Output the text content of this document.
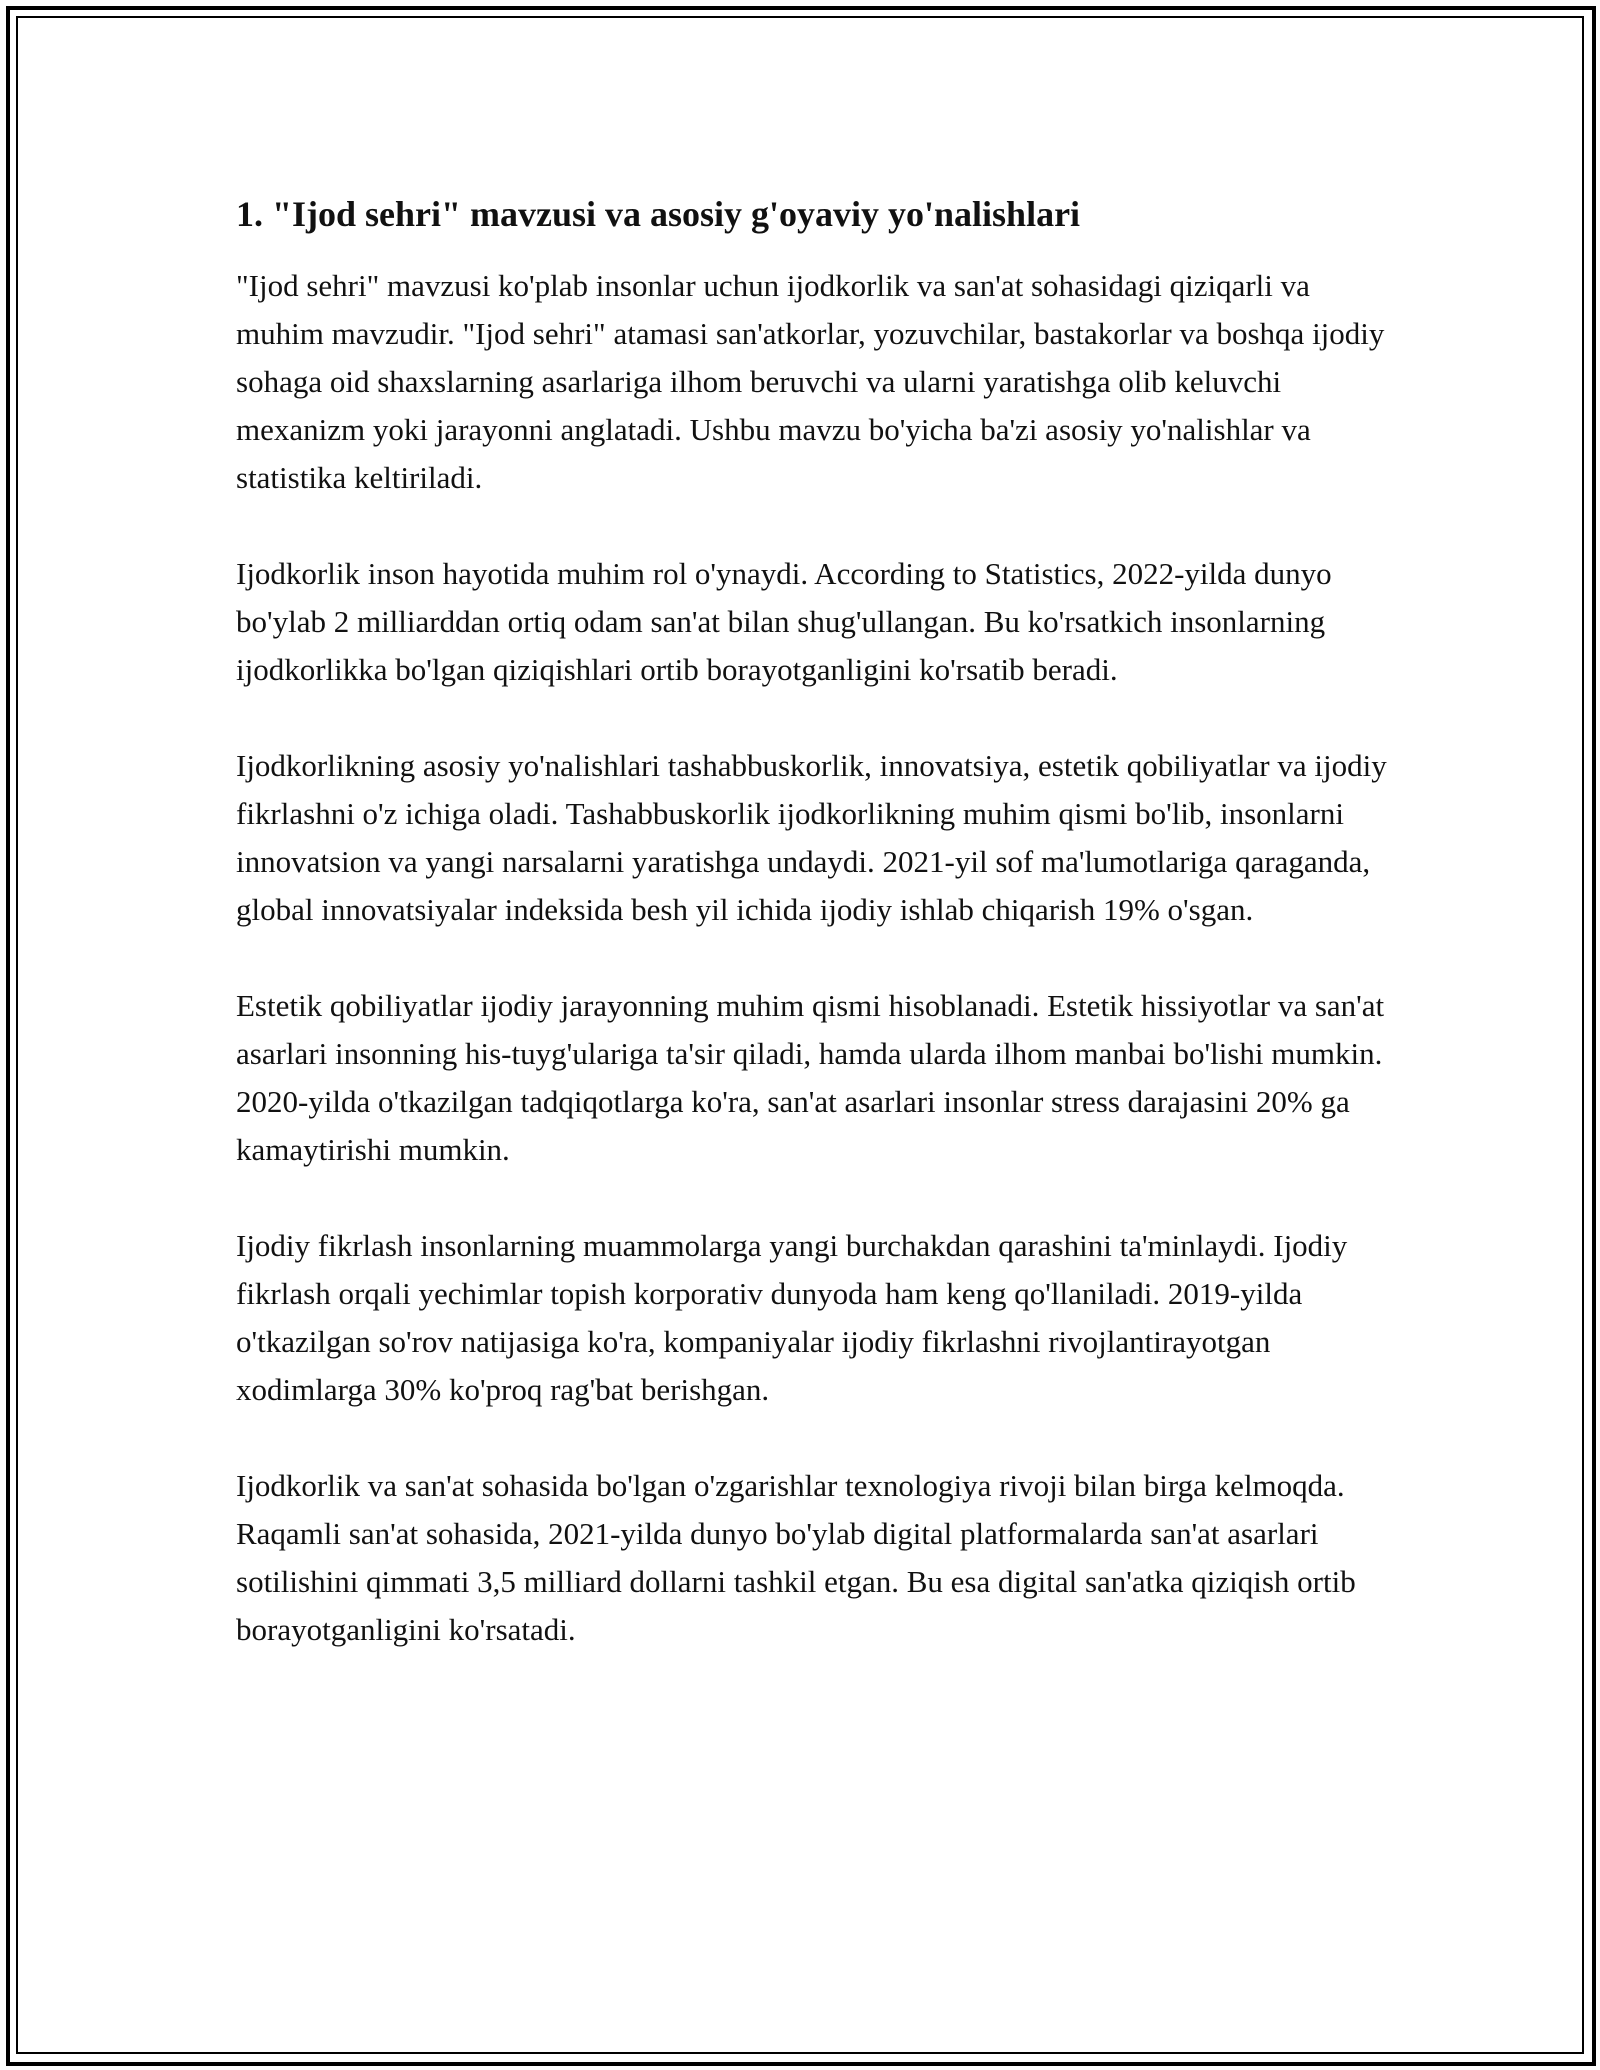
1. "Ijod sehri" mavzusi va asosiy g'oyaviy yo'nalishlari

"Ijod sehri" mavzusi ko'plab insonlar uchun ijodkorlik va san'at sohasidagi qiziqarli va muhim mavzudir. "Ijod sehri" atamasi san'atkorlar, yozuvchilar, bastakorlar va boshqa ijodiy sohaga oid shaxslarning asarlariga ilhom beruvchi va ularni yaratishga olib keluvchi mexanizm yoki jarayonni anglatadi. Ushbu mavzu bo'yicha ba'zi asosiy yo'nalishlar va statistika keltiriladi.

Ijodkorlik inson hayotida muhim rol o'ynaydi. According to Statistics, 2022-yilda dunyo bo'ylab 2 milliarddan ortiq odam san'at bilan shug'ullangan. Bu ko'rsatkich insonlarning ijodkorlikka bo'lgan qiziqishlari ortib borayotganligini ko'rsatib beradi.

Ijodkorlikning asosiy yo'nalishlari tashabbuskorlik, innovatsiya, estetik qobiliyatlar va ijodiy fikrlashni o'z ichiga oladi. Tashabbuskorlik ijodkorlikning muhim qismi bo'lib, insonlarni innovatsion va yangi narsalarni yaratishga undaydi. 2021-yil sof ma'lumotlariga qaraganda, global innovatsiyalar indeksida besh yil ichida ijodiy ishlab chiqarish 19% o'sgan.

Estetik qobiliyatlar ijodiy jarayonning muhim qismi hisoblanadi. Estetik hissiyotlar va san'at asarlari insonning his-tuyg'ulariga ta'sir qiladi, hamda ularda ilhom manbai bo'lishi mumkin. 2020-yilda o'tkazilgan tadqiqotlarga ko'ra, san'at asarlari insonlar stress darajasini 20% ga kamaytirishi mumkin.

Ijodiy fikrlash insonlarning muammolarga yangi burchakdan qarashini ta'minlaydi. Ijodiy fikrlash orqali yechimlar topish korporativ dunyoda ham keng qo'llaniladi. 2019-yilda o'tkazilgan so'rov natijasiga ko'ra, kompaniyalar ijodiy fikrlashni rivojlantirayotgan xodimlarga 30% ko'proq rag'bat berishgan.

Ijodkorlik va san'at sohasida bo'lgan o'zgarishlar texnologiya rivoji bilan birga kelmoqda. Raqamli san'at sohasida, 2021-yilda dunyo bo'ylab digital platformalarda san'at asarlari sotilishini qimmati 3,5 milliard dollarni tashkil etgan. Bu esa digital san'atka qiziqish ortib borayotganligini ko'rsatadi.
